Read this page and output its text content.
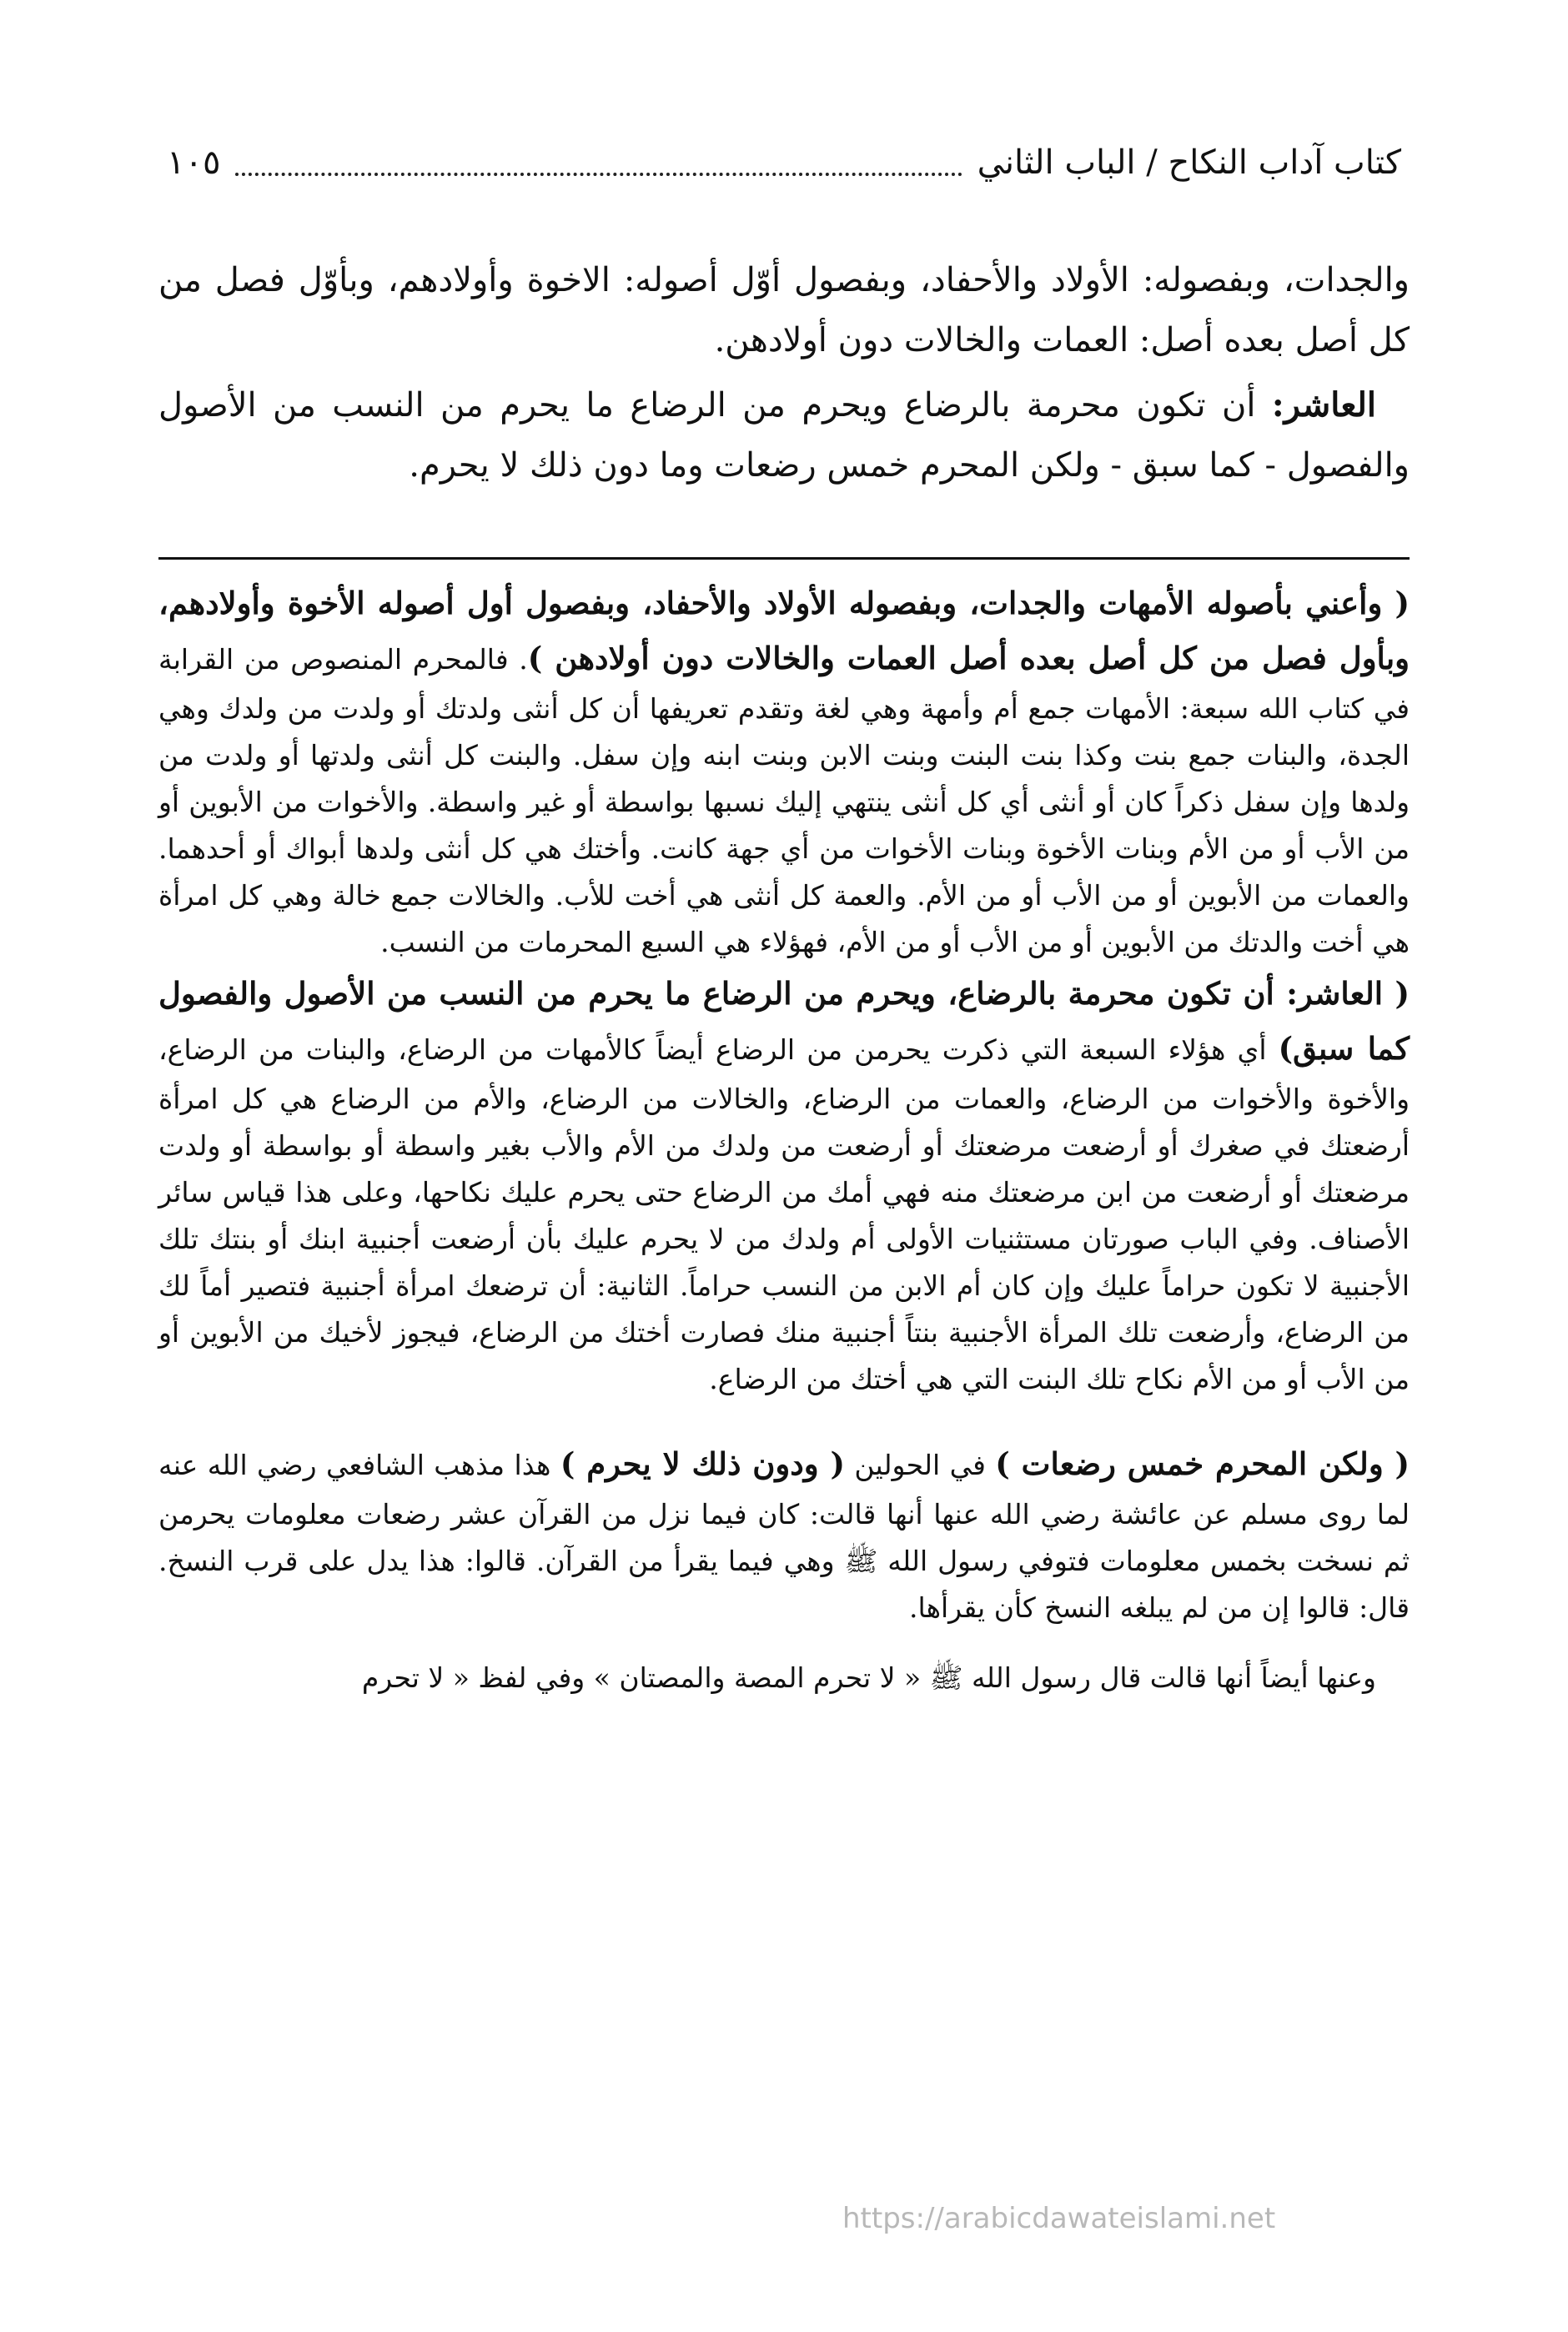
كتاب آداب النكاح / الباب الثاني
١٠٥

والجدات، وبفصوله: الأولاد والأحفاد، وبفصول أوّل أصوله: الاخوة وأولادهم، وبأوّل فصل من كل أصل بعده أصل: العمات والخالات دون أولادهن.

العاشر: أن تكون محرمة بالرضاع ويحرم من الرضاع ما يحرم من النسب من الأصول والفصول - كما سبق - ولكن المحرم خمس رضعات وما دون ذلك لا يحرم.

( وأعني بأصوله الأمهات والجدات، وبفصوله الأولاد والأحفاد، وبفصول أول أصوله الأخوة وأولادهم، وبأول فصل من كل أصل بعده أصل العمات والخالات دون أولادهن ). فالمحرم المنصوص من القرابة في كتاب الله سبعة: الأمهات جمع أم وأمهة وهي لغة وتقدم تعريفها أن كل أنثى ولدتك أو ولدت من ولدك وهي الجدة، والبنات جمع بنت وكذا بنت البنت وبنت الابن وبنت ابنه وإن سفل. والبنت كل أنثى ولدتها أو ولدت من ولدها وإن سفل ذكراً كان أو أنثى أي كل أنثى ينتهي إليك نسبها بواسطة أو غير واسطة. والأخوات من الأبوين أو من الأب أو من الأم وبنات الأخوة وبنات الأخوات من أي جهة كانت. وأختك هي كل أنثى ولدها أبواك أو أحدهما. والعمات من الأبوين أو من الأب أو من الأم. والعمة كل أنثى هي أخت للأب. والخالات جمع خالة وهي كل امرأة هي أخت والدتك من الأبوين أو من الأب أو من الأم، فهؤلاء هي السبع المحرمات من النسب.

( العاشر: أن تكون محرمة بالرضاع، ويحرم من الرضاع ما يحرم من النسب من الأصول والفصول كما سبق) أي هؤلاء السبعة التي ذكرت يحرمن من الرضاع أيضاً كالأمهات من الرضاع، والبنات من الرضاع، والأخوة والأخوات من الرضاع، والعمات من الرضاع، والخالات من الرضاع، والأم من الرضاع هي كل امرأة أرضعتك في صغرك أو أرضعت مرضعتك أو أرضعت من ولدك من الأم والأب بغير واسطة أو بواسطة أو ولدت مرضعتك أو أرضعت من ابن مرضعتك منه فهي أمك من الرضاع حتى يحرم عليك نكاحها، وعلى هذا قياس سائر الأصناف. وفي الباب صورتان مستثنيات الأولى أم ولدك من لا يحرم عليك بأن أرضعت أجنبية ابنك أو بنتك تلك الأجنبية لا تكون حراماً عليك وإن كان أم الابن من النسب حراماً. الثانية: أن ترضعك امرأة أجنبية فتصير أماً لك من الرضاع، وأرضعت تلك المرأة الأجنبية بنتاً أجنبية منك فصارت أختك من الرضاع، فيجوز لأخيك من الأبوين أو من الأب أو من الأم نكاح تلك البنت التي هي أختك من الرضاع.

( ولكن المحرم خمس رضعات ) في الحولين ( ودون ذلك لا يحرم ) هذا مذهب الشافعي رضي الله عنه لما روى مسلم عن عائشة رضي الله عنها أنها قالت: كان فيما نزل من القرآن عشر رضعات معلومات يحرمن ثم نسخت بخمس معلومات فتوفي رسول الله ﷺ وهي فيما يقرأ من القرآن. قالوا: هذا يدل على قرب النسخ. قال: قالوا إن من لم يبلغه النسخ كأن يقرأها.

وعنها أيضاً أنها قالت قال رسول الله ﷺ « لا تحرم المصة والمصتان » وفي لفظ « لا تحرم

https://arabicdawateislami.net
